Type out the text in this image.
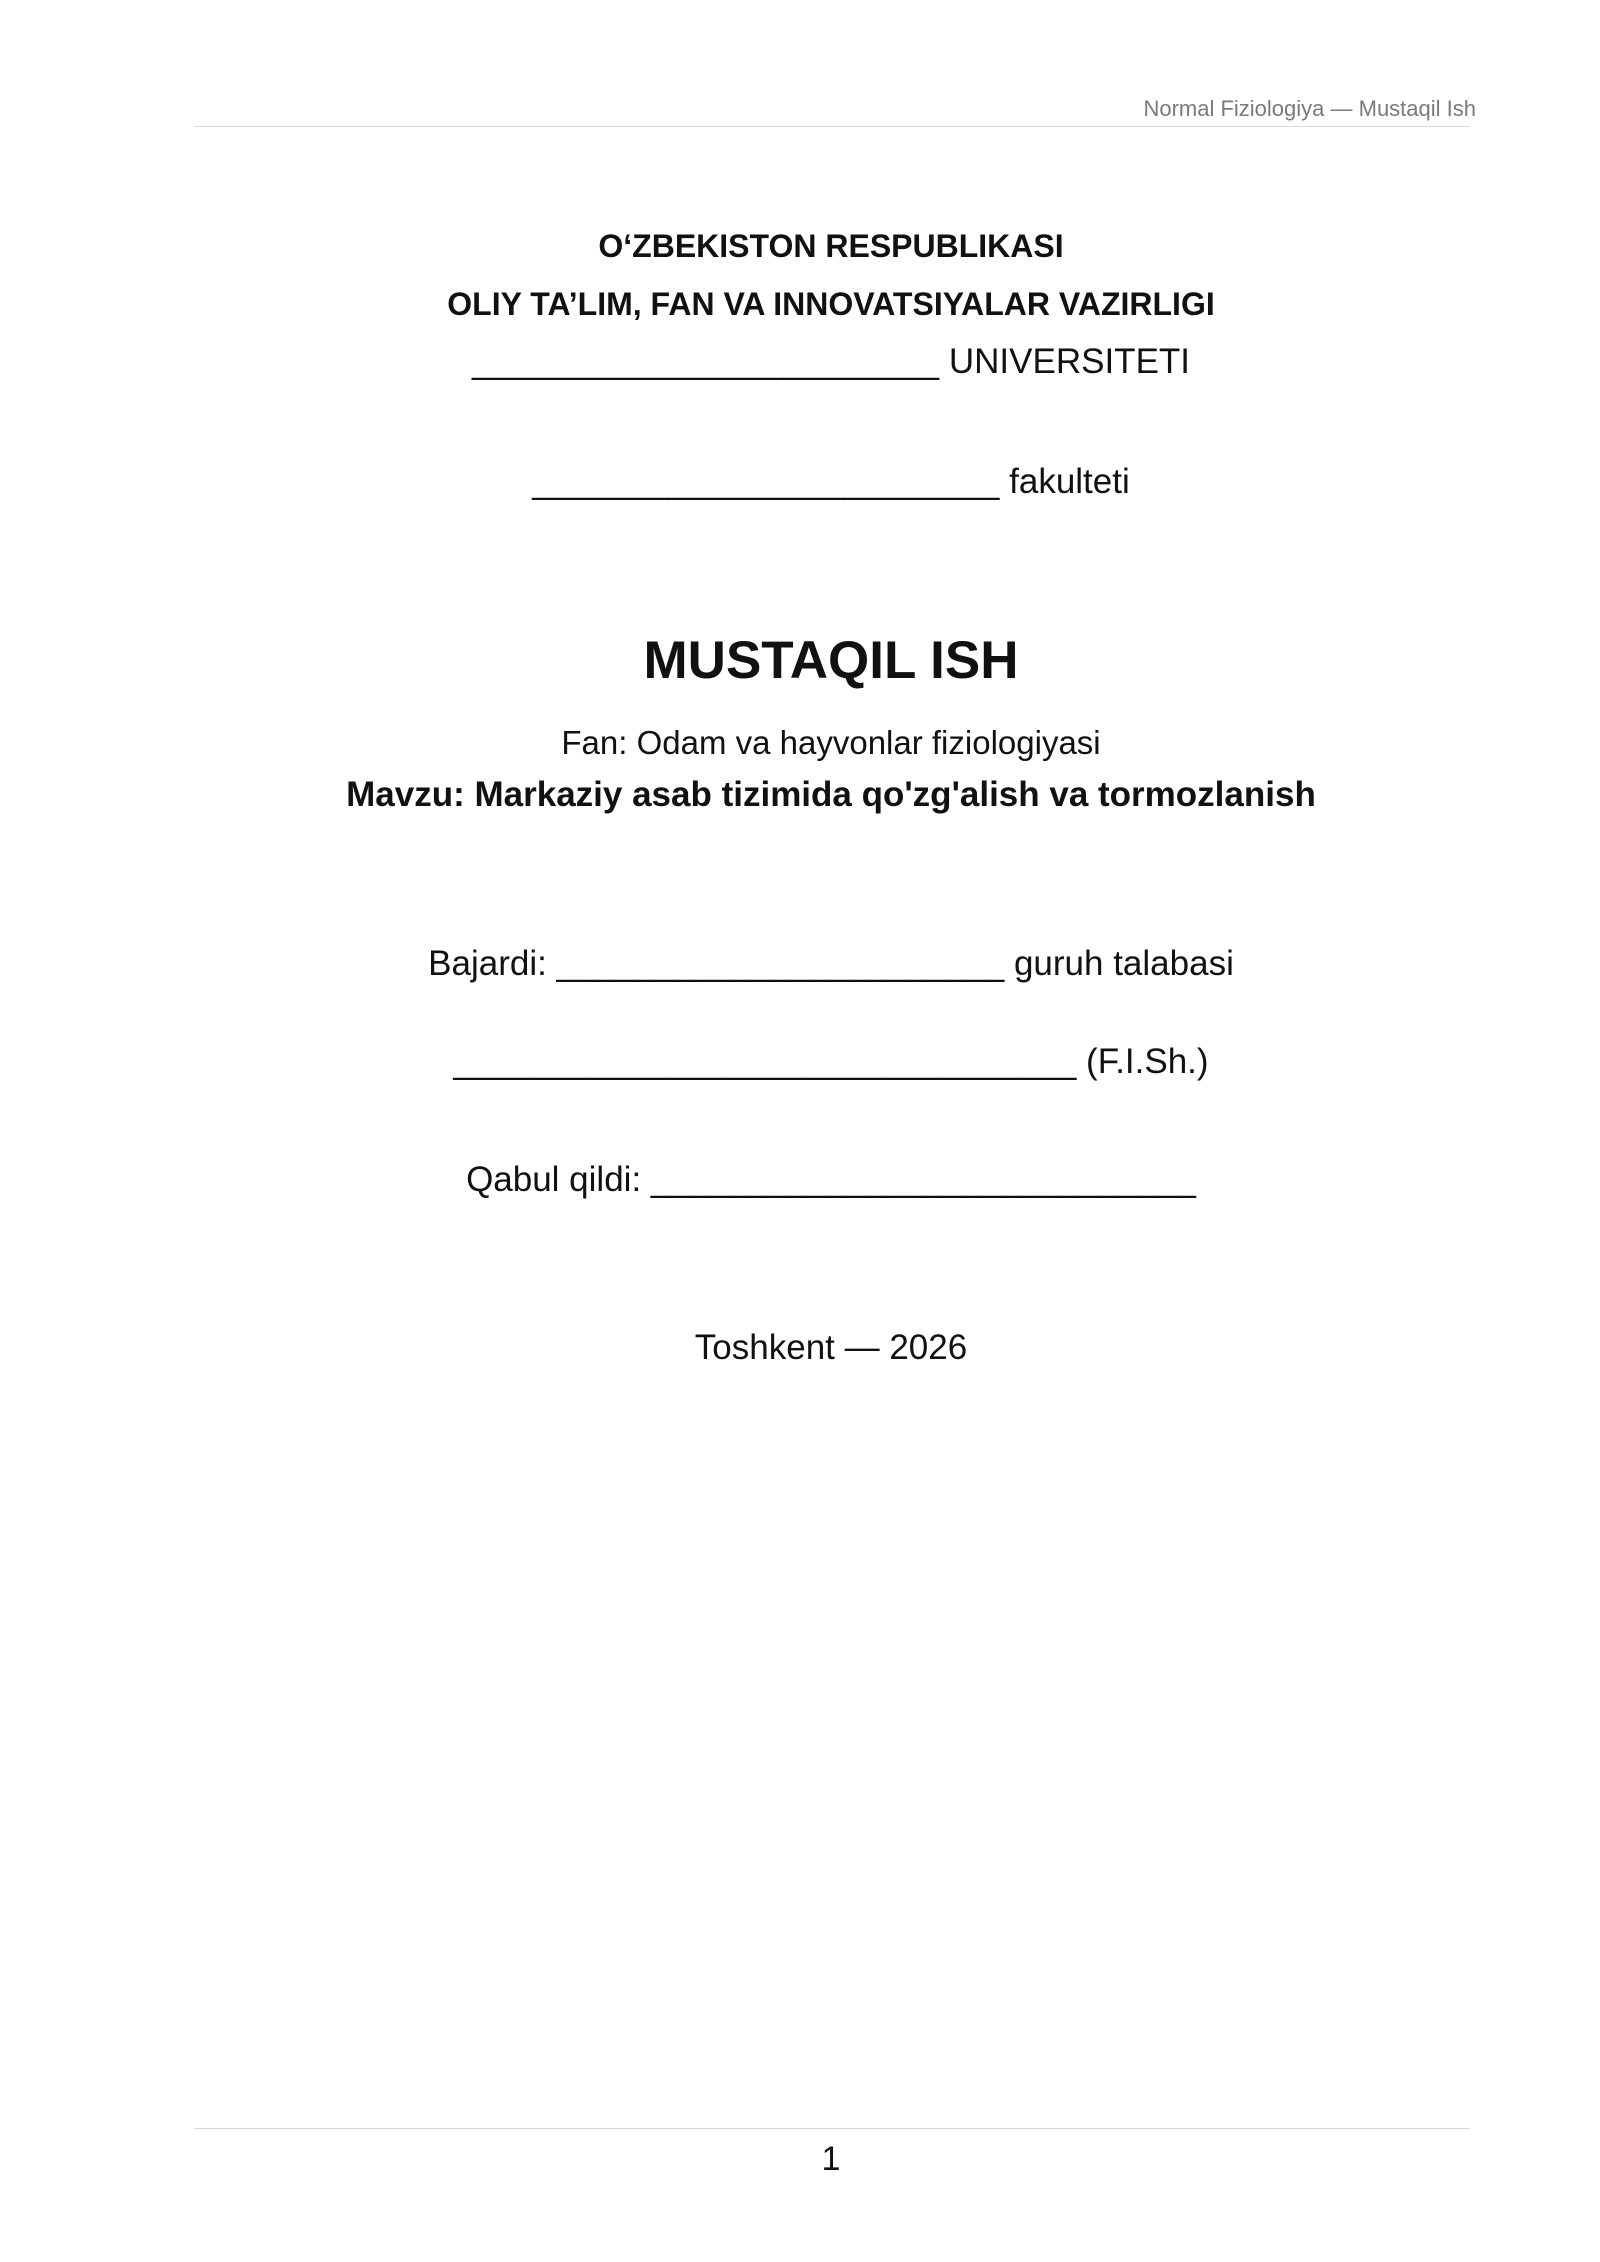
Normal Fiziologiya — Mustaqil Ish
O‘ZBEKISTON RESPUBLIKASI
OLIY TA’LIM, FAN VA INNOVATSIYALAR VAZIRLIGI
________________________ UNIVERSITETI
________________________ fakulteti
MUSTAQIL ISH
Fan: Odam va hayvonlar fiziologiyasi
Mavzu: Markaziy asab tizimida qo'zg'alish va tormozlanish
Bajardi: _______________________ guruh talabasi
________________________________ (F.I.Sh.)
Qabul qildi: ____________________________
Toshkent — 2026
1
